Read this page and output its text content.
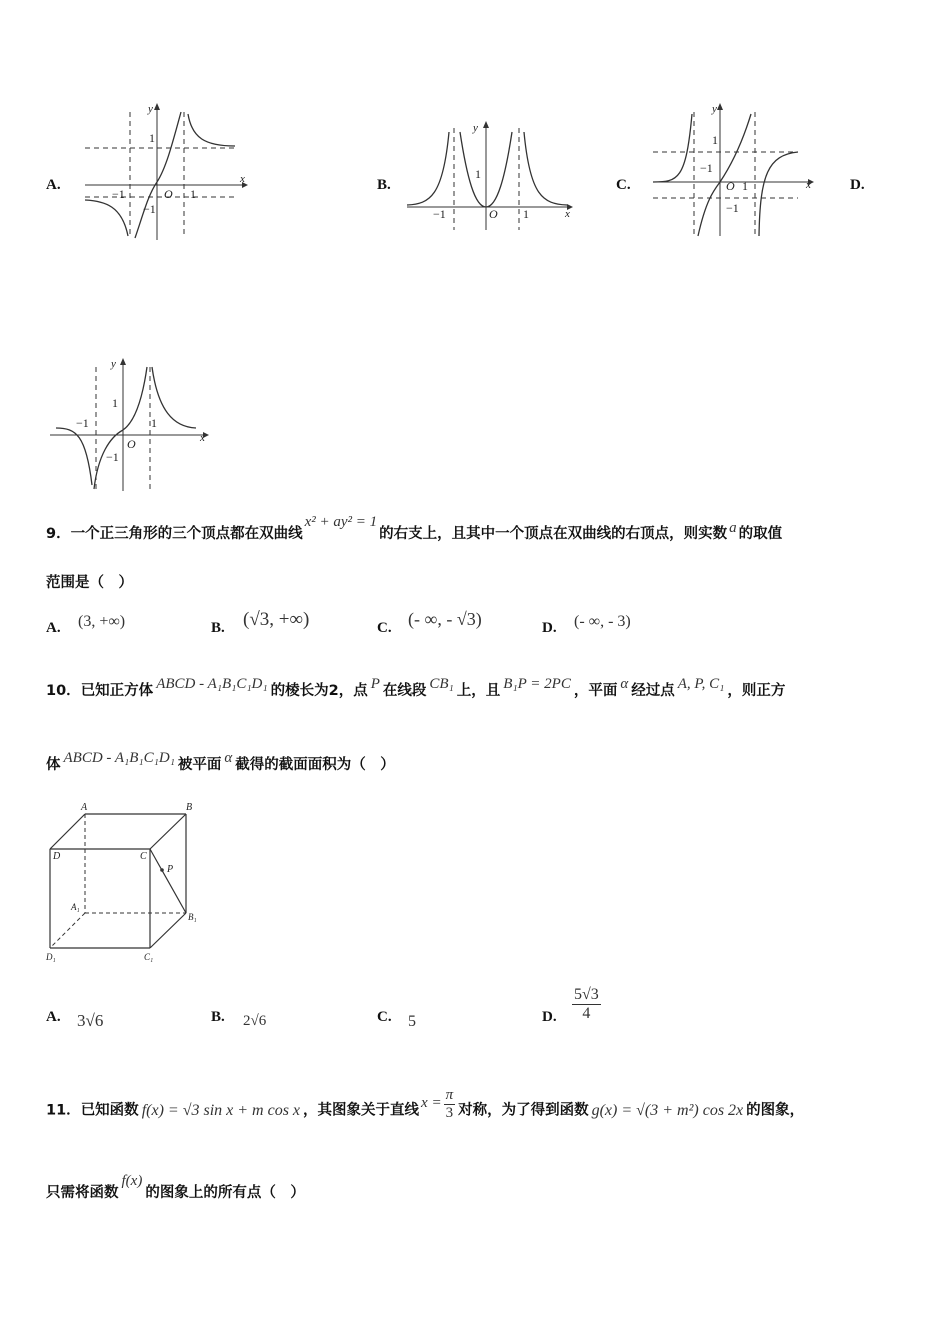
A.	B.	C.	D.
y
x
O
1
1
−1
−1
y
x
O
1
1
−1
y
x
O
1
1
−1
−1
y
x
O
1
1
−1
−1
9．一个正三角形的三个顶点都在双曲线x² + ay² = 1的右支上，且其中一个顶点在双曲线的右顶点，则实数 a 的取值
范围是（　）
A. (3, +∞)	B. (√3, +∞)	C. (- ∞, - √3)	D. (- ∞, - 3)
10．已知正方体 ABCD - A₁B₁C₁D₁ 的棱长为2，点 P 在线段 CB₁ 上，且 B₁P = 2PC ，平面 α 经过点 A, P, C₁ ，则正方
体 ABCD - A₁B₁C₁D₁ 被平面 α 截得的截面面积为（　）
A	B
C
D
P
A₁
B₁
C₁
D₁
A. 3√6	B. 2√6	C. 5	D. $\frac{5√3}{4}$
11．已知函数 f(x) = √3 sin x + m cos x ，其图象关于直线 $x = \frac{\pi}{3}$ 对称，为了得到函数 g(x) = √(3 + m²) cos 2x 的图象，
只需将函数f(x)的图象上的所有点（　）
